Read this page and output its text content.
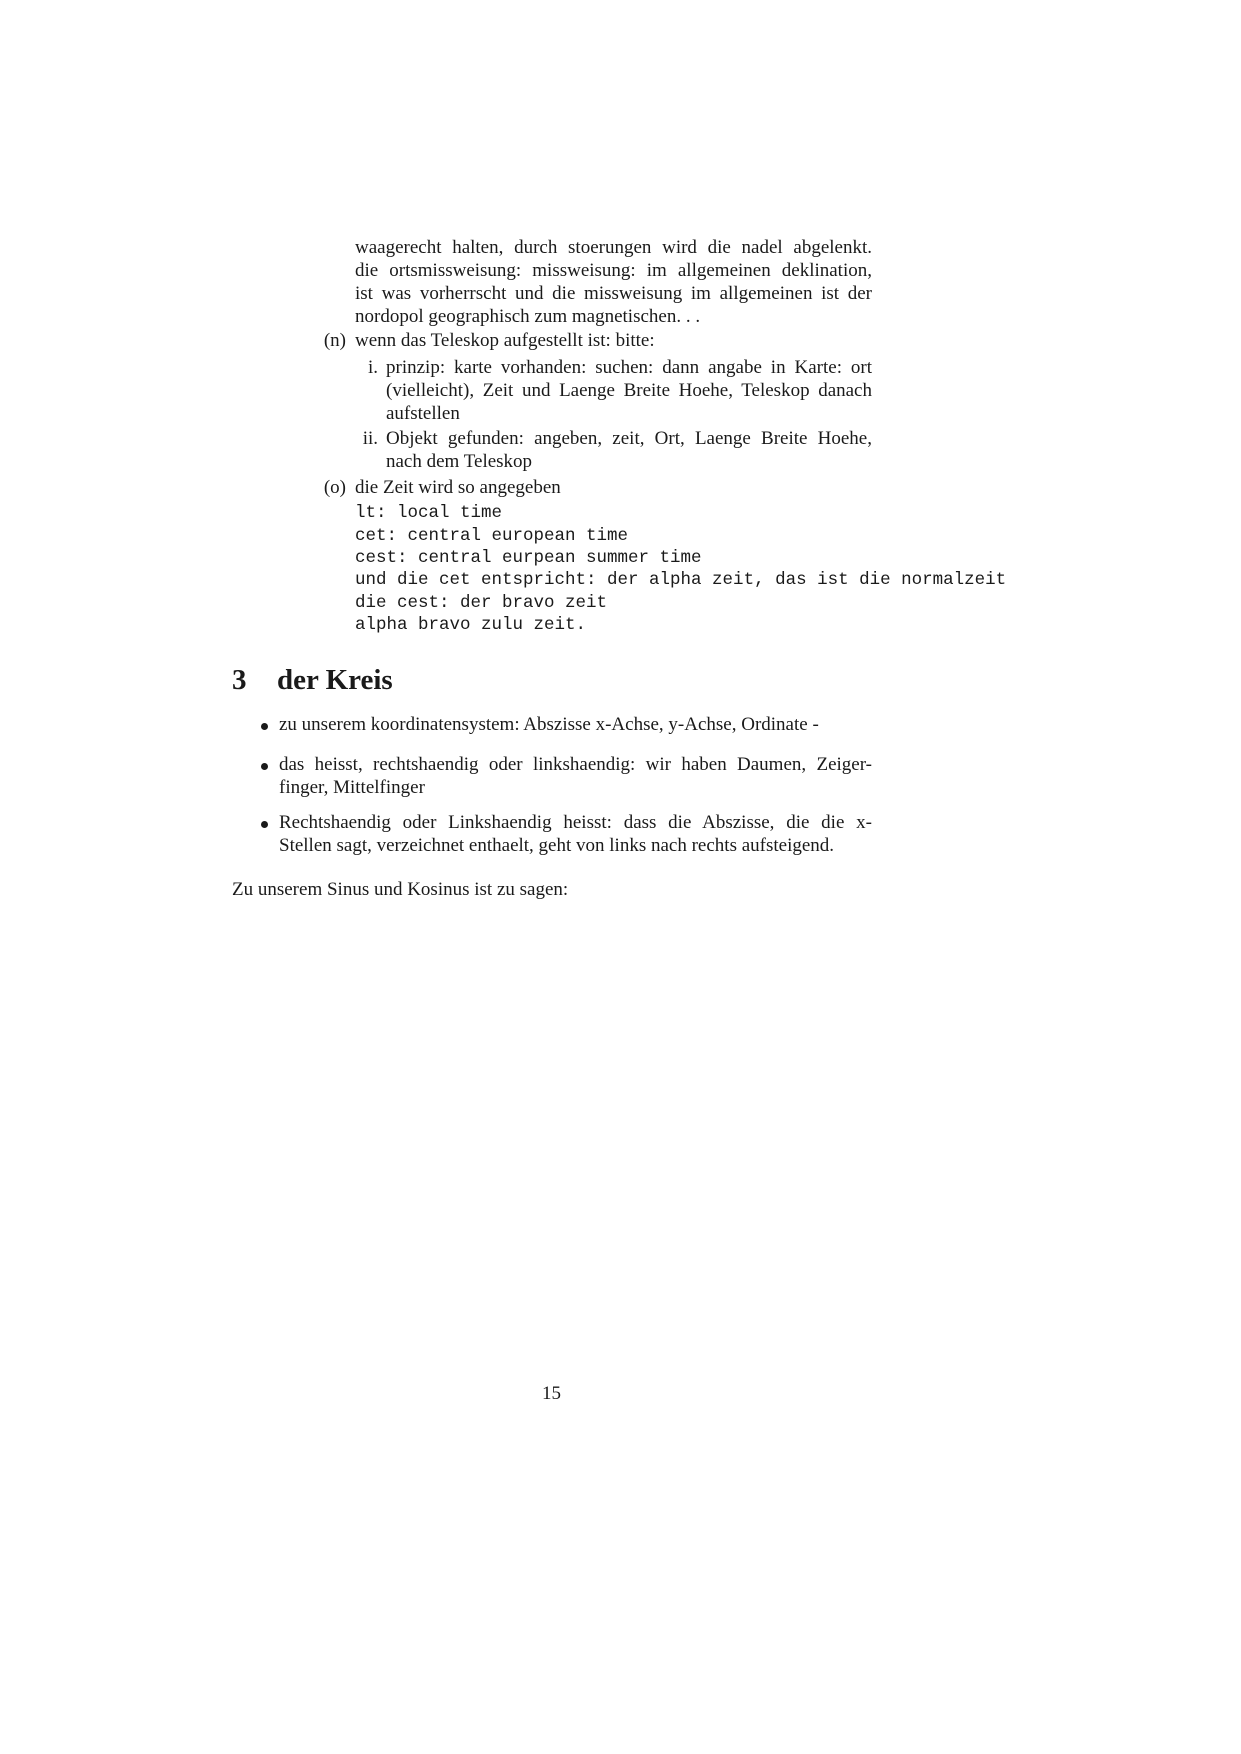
waagerecht halten, durch stoerungen wird die nadel abgelenkt.
die ortsmissweisung: missweisung: im allgemeinen deklination,
ist was vorherrscht und die missweisung im allgemeinen ist der
nordopol geographisch zum magnetischen. . .
(n) wenn das Teleskop aufgestellt ist: bitte:
i. prinzip: karte vorhanden: suchen: dann angabe in Karte: ort
(vielleicht), Zeit und Laenge Breite Hoehe, Teleskop danach
aufstellen
ii. Objekt gefunden: angeben, zeit, Ort, Laenge Breite Hoehe,
nach dem Teleskop
(o) die Zeit wird so angegeben
lt: local time
cet: central european time
cest: central eurpean summer time
und die cet entspricht: der alpha zeit, das ist die normalzeit
die cest: der bravo zeit
alpha bravo zulu zeit.
3 der Kreis
zu unserem koordinatensystem: Abszisse x-Achse, y-Achse, Ordinate -
das heisst, rechtshaendig oder linkshaendig: wir haben Daumen, Zeiger-
finger, Mittelfinger
Rechtshaendig oder Linkshaendig heisst: dass die Abszisse, die die x-
Stellen sagt, verzeichnet enthaelt, geht von links nach rechts aufsteigend.
Zu unserem Sinus und Kosinus ist zu sagen:
15
